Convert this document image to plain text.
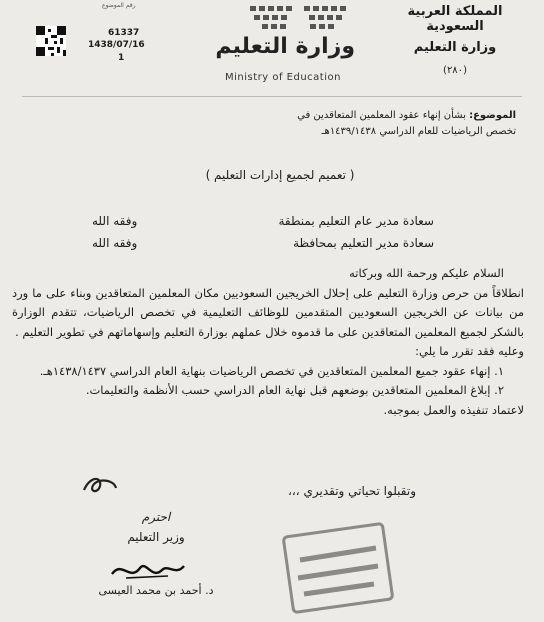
المملكة العربية السعودية
وزارة التعليم
(٢٨٠)
وزارة التعليم
Ministry of Education
رقم الموضوع
61337
1438/07/16
1
الموضوع: بشأن إنهاء عقود المعلمين المتعاقدين في
تخصص الرياضيات للعام الدراسي ١٤٣٩/١٤٣٨هـ
( تعميم لجميع إدارات التعليم )
سعادة مدير عام التعليم بمنطقة
وفقه الله
سعادة مدير التعليم بمحافظة
وفقه الله

السلام عليكم ورحمة الله وبركاته

انطلاقاً من حرص وزارة التعليم على إحلال الخريجين السعوديين مكان المعلمين المتعاقدين وبناء على ما ورد من بيانات عن الخريجين السعوديين المتقدمين للوظائف التعليمية في تخصص الرياضيات، تتقدم الوزارة بالشكر لجميع المعلمين المتعاقدين على ما قدموه خلال عملهم بوزارة التعليم وإسهاماتهم في تطوير التعليم .

وعليه فقد تقرر ما يلي:

١. إنهاء عقود جميع المعلمين المتعاقدين في تخصص الرياضيات بنهاية العام الدراسي ١٤٣٨/١٤٣٧هـ.

٢. إبلاغ المعلمين المتعاقدين بوضعهم قبل نهاية العام الدراسي حسب الأنظمة والتعليمات.

لاعتماد تنفيذه والعمل بموجبه.

وتقبلوا تحياتي وتقديري ،،،
احترم
وزير التعليم
د. أحمد بن محمد العيسى
